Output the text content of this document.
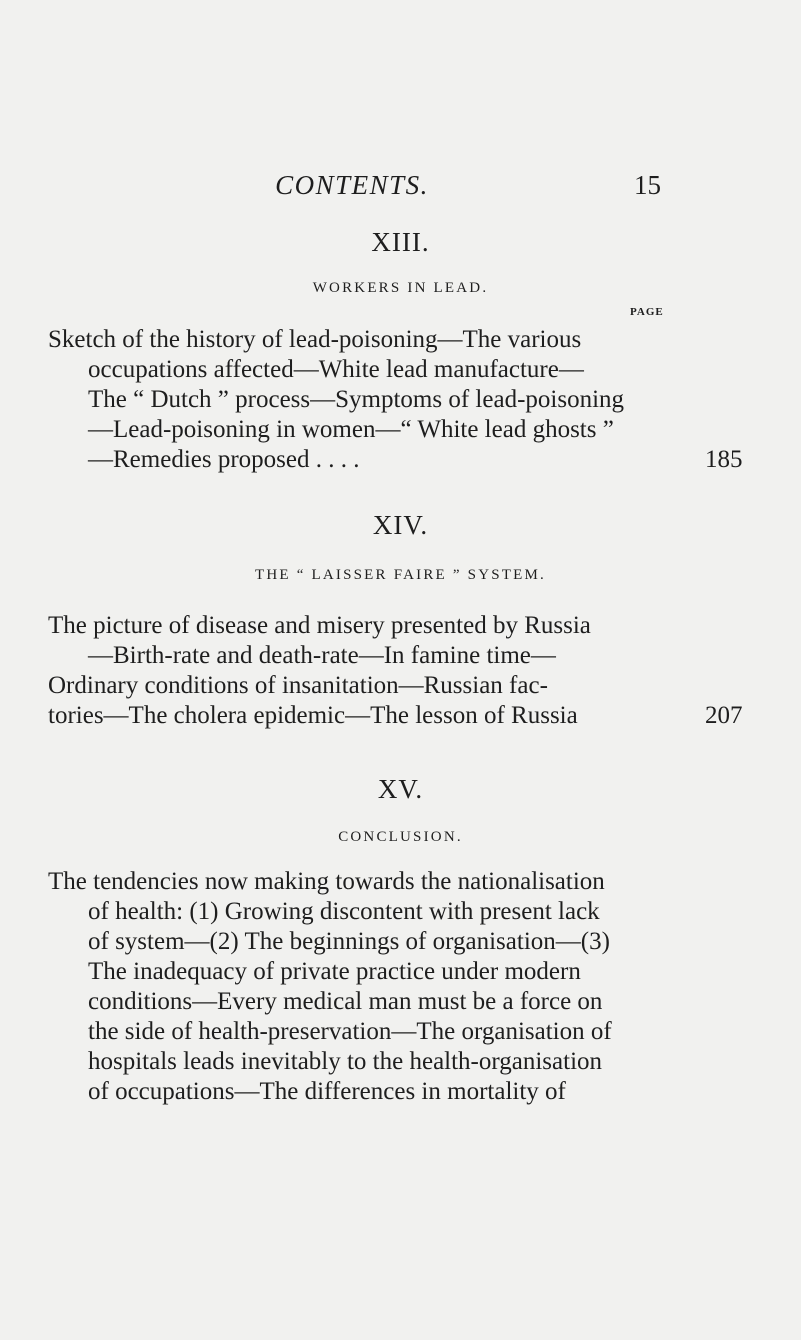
CONTENTS.	15
XIII.
WORKERS IN LEAD.
PAGE
Sketch of the history of lead-poisoning—The various
occupations affected—White lead manufacture—
The “ Dutch ” process—Symptoms of lead-poisoning
—Lead-poisoning in women—“ White lead ghosts ”
—Remedies proposed . . . .	185
XIV.
THE “ LAISSER FAIRE ” SYSTEM.
The picture of disease and misery presented by Russia
—Birth-rate and death-rate—In famine time—
Ordinary conditions of insanitation—Russian fac-
tories—The cholera epidemic—The lesson of Russia	207
XV.
CONCLUSION.
The tendencies now making towards the nationalisation
of health: (1) Growing discontent with present lack
of system—(2) The beginnings of organisation—(3)
The inadequacy of private practice under modern
conditions—Every medical man must be a force on
the side of health-preservation—The organisation of
hospitals leads inevitably to the health-organisation
of occupations—The differences in mortality of
